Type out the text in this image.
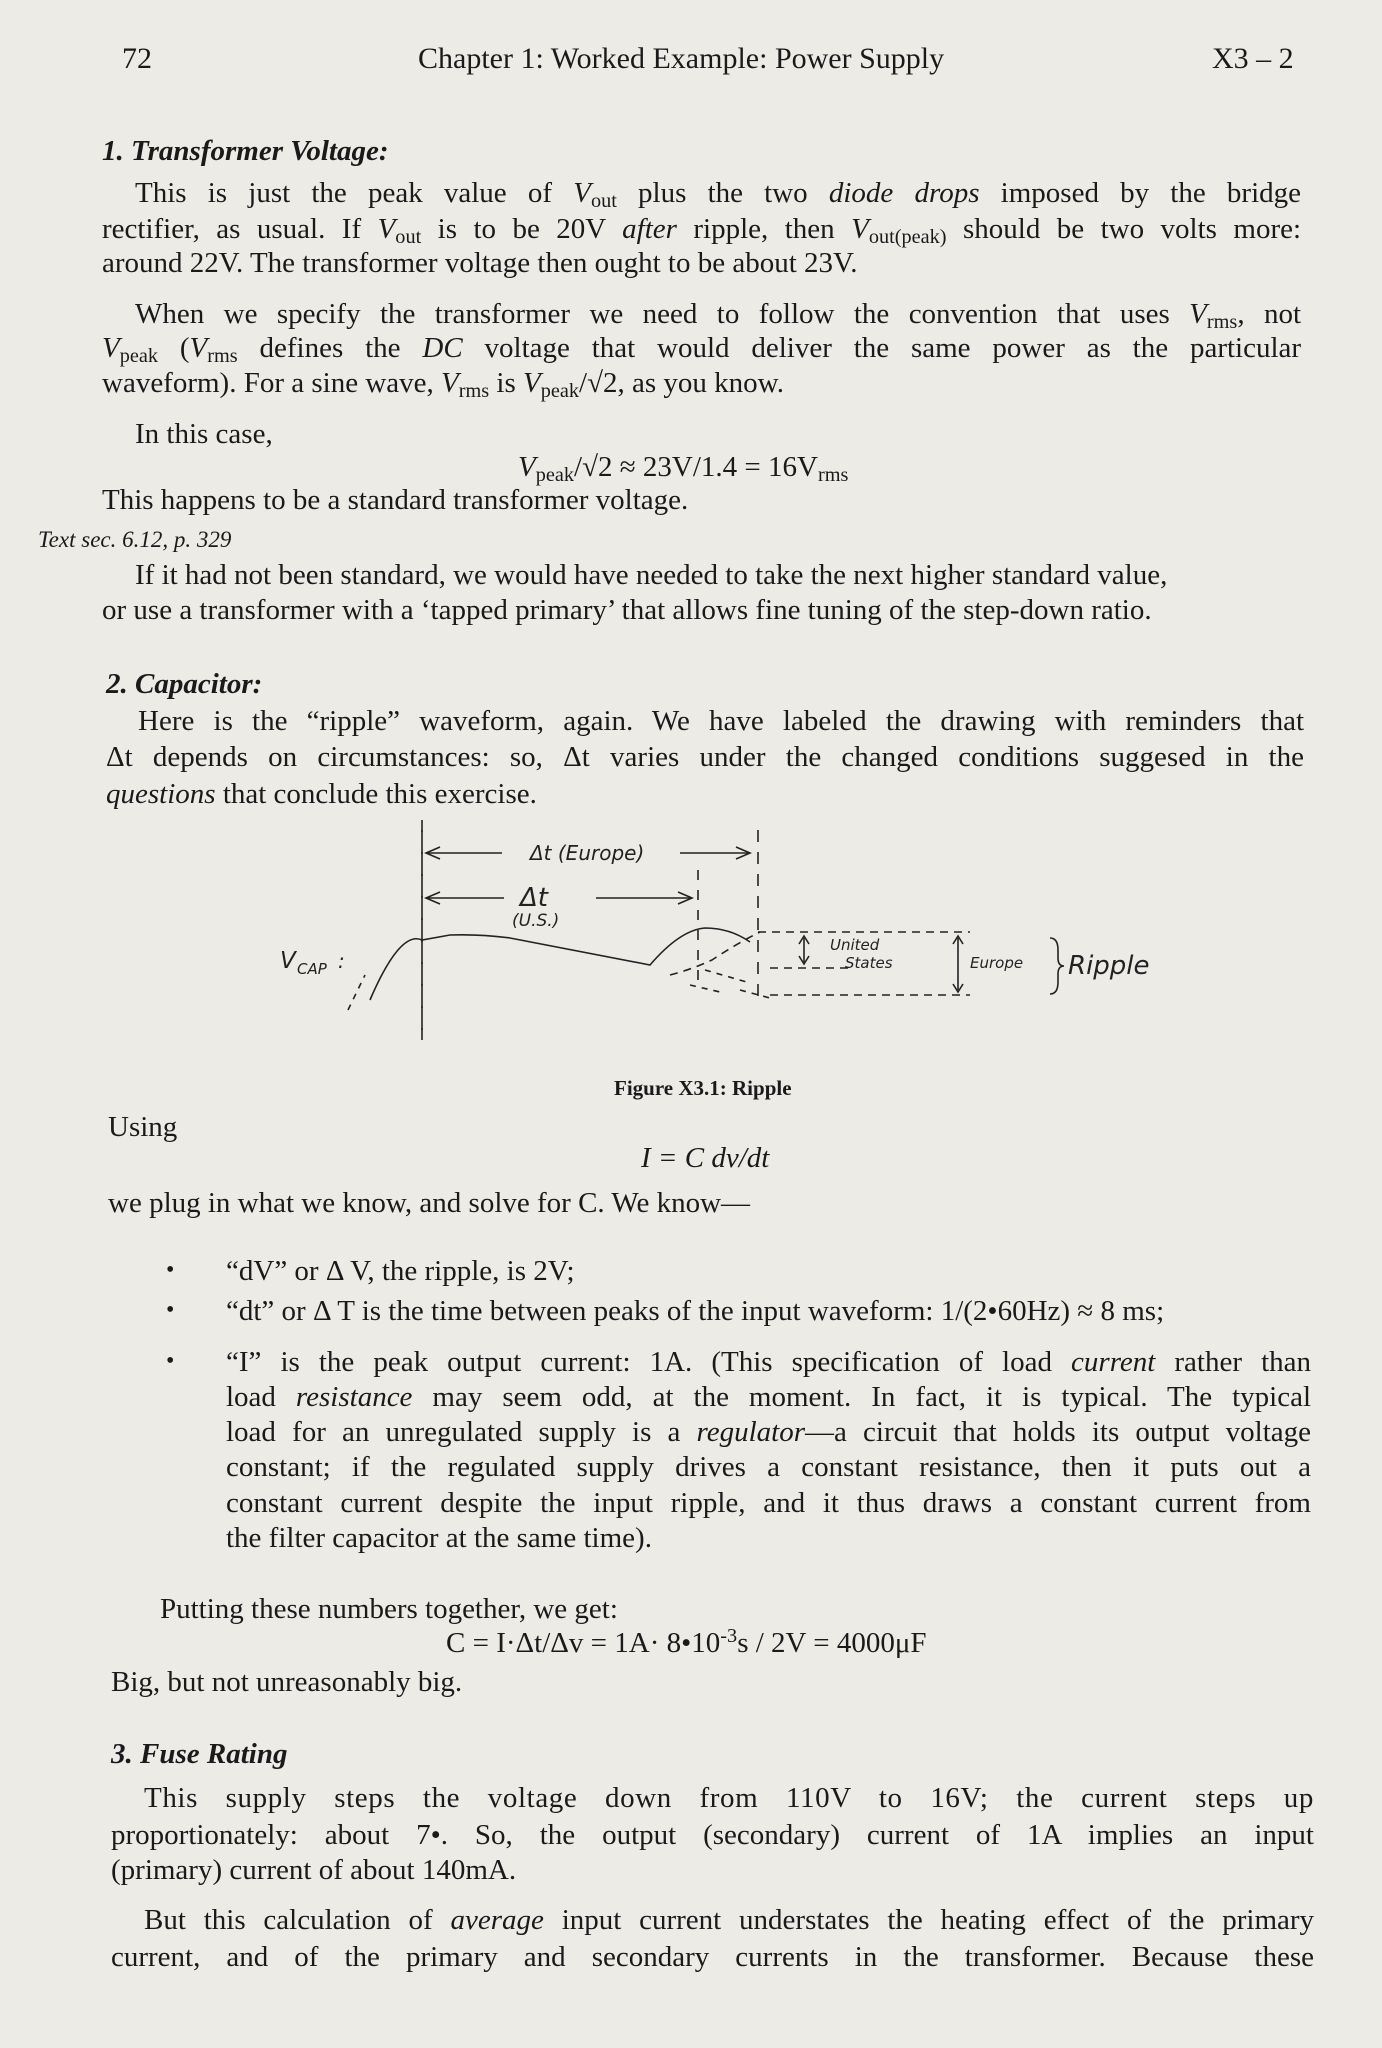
72	Chapter 1: Worked Example: Power Supply	X3 – 2
1. Transformer Voltage:
This is just the peak value of $V_{out}$ plus the two diode drops imposed by the bridge
rectifier, as usual. If $V_{out}$ is to be 20V after ripple, then $V_{out(peak)}$ should be two volts more:
around 22V. The transformer voltage then ought to be about 23V.
When we specify the transformer we need to follow the convention that uses $V_{rms}$, not
$V_{peak}$ ($V_{rms}$ defines the DC voltage that would deliver the same power as the particular
waveform). For a sine wave, $V_{rms}$ is $V_{peak}/√2$, as you know.
In this case,
$V_{peak}/√2 \approx 23V/1.4 = 16V_{rms}$
This happens to be a standard transformer voltage.
Text sec. 6.12, p. 329
If it had not been standard, we would have needed to take the next higher standard value,
or use a transformer with a ‘tapped primary’ that allows fine tuning of the step-down ratio.
2. Capacitor:
Here is the “ripple” waveform, again. We have labeled the drawing with reminders that
Δt depends on circumstances: so, Δt varies under the changed conditions suggesed in the
questions that conclude this exercise.
Δt (Europe)
Δt
(U.S.)
V CAP :
United
States	Europe Ripple
Figure X3.1: Ripple
Using
I = C dv/dt
we plug in what we know, and solve for C. We know—
• “dV” or Δ V, the ripple, is 2V;
• “dt” or Δ T is the time between peaks of the input waveform: 1/(2•60Hz) ≈ 8 ms;
• “I” is the peak output current: 1A. (This specification of load current rather than
load resistance may seem odd, at the moment. In fact, it is typical. The typical
load for an unregulated supply is a regulator—a circuit that holds its output voltage
constant; if the regulated supply drives a constant resistance, then it puts out a
constant current despite the input ripple, and it thus draws a constant current from
the filter capacitor at the same time).
Putting these numbers together, we get:
$C = I\cdot\Delta t/\Delta v = 1A\cdot 8•10^{-3}s / 2V = 4000\mu F$
Big, but not unreasonably big.
3. Fuse Rating
This supply steps the voltage down from 110V to 16V; the current steps up
proportionately: about 7•. So, the output (secondary) current of 1A implies an input
(primary) current of about 140mA.
But this calculation of average input current understates the heating effect of the primary
current, and of the primary and secondary currents in the transformer. Because these
